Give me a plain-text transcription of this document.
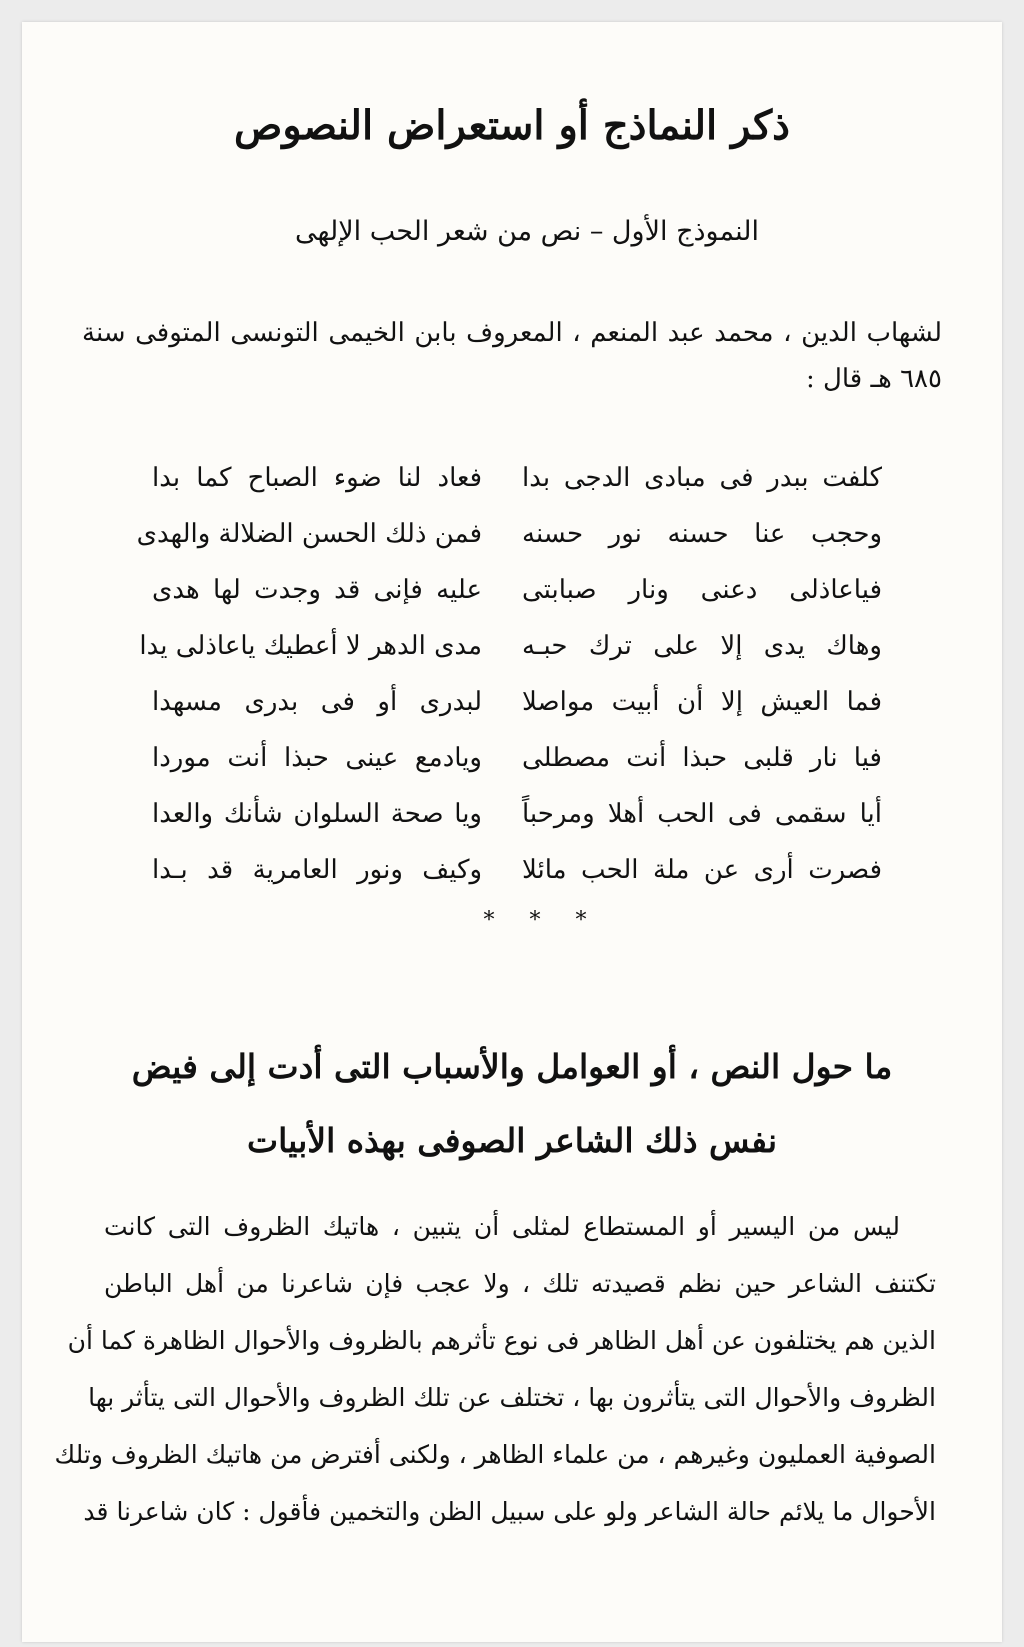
ذكر النماذج أو استعراض النصوص
النموذج الأول – نص من شعر الحب الإلهى
لشهاب الدين ، محمد عبد المنعم ، المعروف بابن الخيمى التونسى المتوفى سنة ٦٨٥ هـ قال :
كلفت ببدر فى مبادى الدجى بدا
فعاد لنا ضوء الصباح كما بدا
وحجب عنا حسنه نور حسنه
فمن ذلك الحسن الضلالة والهدى
فياعاذلى دعنى ونار صبابتى
عليه فإنى قد وجدت لها هدى
وهاك يدى إلا على ترك حبـه
مدى الدهر لا أعطيك ياعاذلى يدا
فما العيش إلا أن أبيت مواصلا
لبدرى أو فى بدرى مسهدا
فيا نار قلبى حبذا أنت مصطلى
ويادمع عينى حبذا أنت موردا
أيا سقمى فى الحب أهلا ومرحباً
ويا صحة السلوان شأنك والعدا
فصرت أرى عن ملة الحب مائلا
وكيف ونور العامرية قد بـدا
* * *
ما حول النص ، أو العوامل والأسباب التى أدت إلى فيض نفس ذلك الشاعر الصوفى بهذه الأبيات
ليس من اليسير أو المستطاع لمثلى أن يتبين ، هاتيك الظروف التى كانت
تكتنف الشاعر حين نظم قصيدته تلك ، ولا عجب فإن شاعرنا من أهل الباطن
الذين هم يختلفون عن أهل الظاهر فى نوع تأثرهم بالظروف والأحوال الظاهرة كما أن
الظروف والأحوال التى يتأثرون بها ، تختلف عن تلك الظروف والأحوال التى يتأثر بها
الصوفية العمليون وغيرهم ، من علماء الظاهر ، ولكنى أفترض من هاتيك الظروف وتلك
الأحوال ما يلائم حالة الشاعر ولو على سبيل الظن والتخمين فأقول : كان شاعرنا قد
